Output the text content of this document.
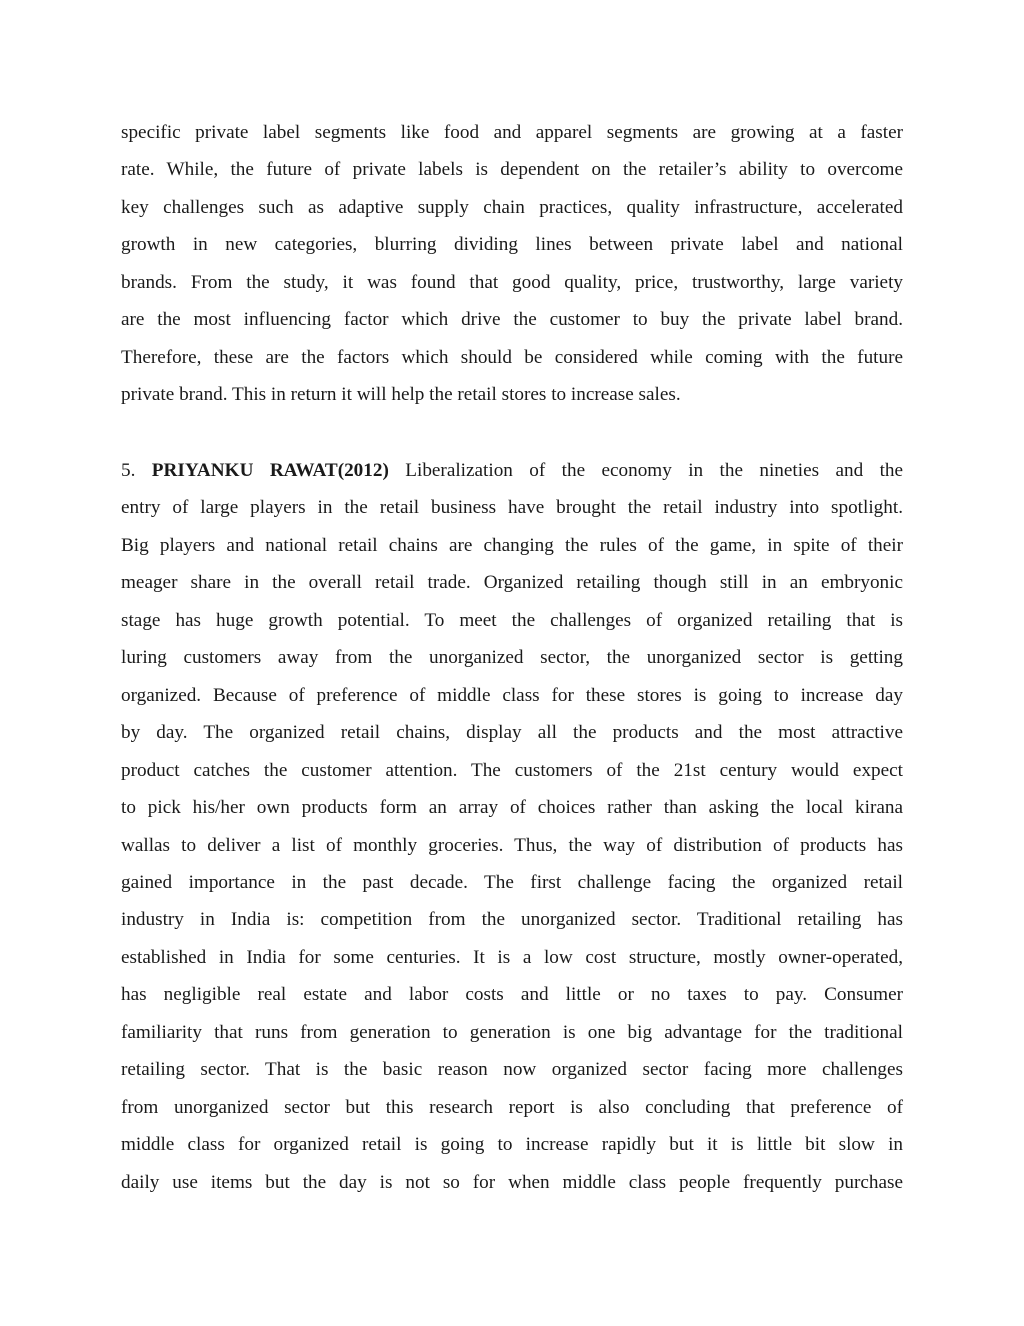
specific private label segments like food and apparel segments are growing at a faster
rate. While, the future of private labels is dependent on the retailer’s ability to overcome
key challenges such as adaptive supply chain practices, quality infrastructure, accelerated
growth in new categories, blurring dividing lines between private label and national
brands. From the study, it was found that good quality, price, trustworthy, large variety
are the most influencing factor which drive the customer to buy the private label brand.
Therefore, these are the factors which should be considered while coming with the future
private brand. This in return it will help the retail stores to increase sales.
5. PRIYANKU RAWAT(2012) Liberalization of the economy in the nineties and the
entry of large players in the retail business have brought the retail industry into spotlight.
Big players and national retail chains are changing the rules of the game, in spite of their
meager share in the overall retail trade. Organized retailing though still in an embryonic
stage has huge growth potential. To meet the challenges of organized retailing that is
luring customers away from the unorganized sector, the unorganized sector is getting
organized. Because of preference of middle class for these stores is going to increase day
by day. The organized retail chains, display all the products and the most attractive
product catches the customer attention. The customers of the 21st century would expect
to pick his/her own products form an array of choices rather than asking the local kirana
wallas to deliver a list of monthly groceries. Thus, the way of distribution of products has
gained importance in the past decade. The first challenge facing the organized retail
industry in India is: competition from the unorganized sector. Traditional retailing has
established in India for some centuries. It is a low cost structure, mostly owner-operated,
has negligible real estate and labor costs and little or no taxes to pay. Consumer
familiarity that runs from generation to generation is one big advantage for the traditional
retailing sector. That is the basic reason now organized sector facing more challenges
from unorganized sector but this research report is also concluding that preference of
middle class for organized retail is going to increase rapidly but it is little bit slow in
daily use items but the day is not so for when middle class people frequently purchase
